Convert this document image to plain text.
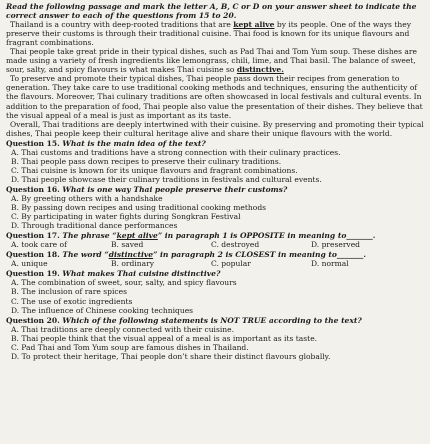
Read the following passage and mark the letter A, B, C or D on your answer sheet to indicate the correct answer to each of the questions from 15 to 20.

Thailand is a country with deep-rooted traditions that are kept alive by its people. One of the ways they preserve their customs is through their traditional cuisine. Thai food is known for its unique flavours and fragrant combinations.

Thai people take great pride in their typical dishes, such as Pad Thai and Tom Yum soup. These dishes are made using a variety of fresh ingredients like lemongrass, chili, lime, and Thai basil. The balance of sweet, sour, salty, and spicy flavours is what makes Thai cuisine so distinctive.

To preserve and promote their typical dishes, Thai people pass down their recipes from generation to generation. They take care to use traditional cooking methods and techniques, ensuring the authenticity of the flavours. Moreover, Thai culinary traditions are often showcased in local festivals and cultural events. In addition to the preparation of food, Thai people also value the presentation of their dishes. They believe that the visual appeal of a meal is just as important as its taste.

Overall, Thai traditions are deeply intertwined with their cuisine. By preserving and promoting their typical dishes, Thai people keep their cultural heritage alive and share their unique flavours with the world.

Question 15. What is the main idea of the text?
A. Thai customs and traditions have a strong connection with their culinary practices.
B. Thai people pass down recipes to preserve their culinary traditions.
C. Thai cuisine is known for its unique flavours and fragrant combinations.
D. Thai people showcase their culinary traditions in festivals and cultural events.
Question 16. What is one way Thai people preserve their customs?
A. By greeting others with a handshake
B. By passing down recipes and using traditional cooking methods
C. By participating in water fights during Songkran Festival
D. Through traditional dance performances
Question 17. The phrase “kept alive” in paragraph 1 is OPPOSITE in meaning to_______.
A. took care of	B. saved	C. destroyed	D. preserved
Question 18. The word “distinctive” in paragraph 2 is CLOSEST in meaning to_______.
A. unique	B. ordinary	C. popular	D. normal
Question 19. What makes Thai cuisine distinctive?
A. The combination of sweet, sour, salty, and spicy flavours
B. The inclusion of rare spices
C. The use of exotic ingredients
D. The influence of Chinese cooking techniques
Question 20. Which of the following statements is NOT TRUE according to the text?
A. Thai traditions are deeply connected with their cuisine.
B. Thai people think that the visual appeal of a meal is as important as its taste.
C. Pad Thai and Tom Yum soup are famous dishes in Thailand.
D. To protect their heritage, Thai people don’t share their distinct flavours globally.
